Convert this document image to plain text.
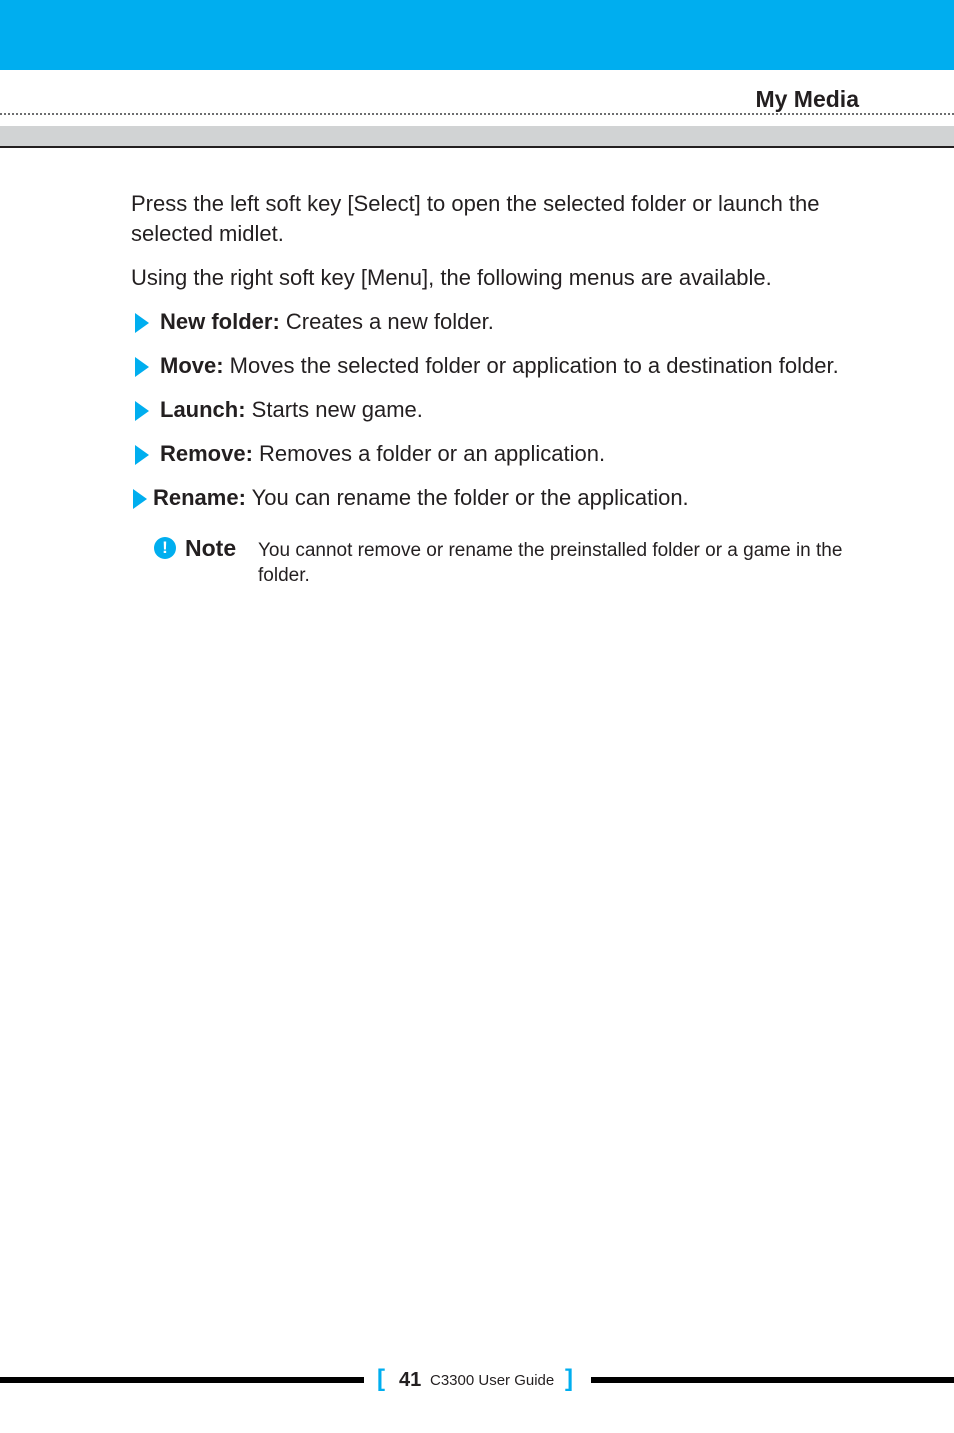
My Media

Press the left soft key [Select] to open the selected folder or launch the selected midlet.

Using the right soft key [Menu], the following menus are available.

New folder: Creates a new folder.
Move: Moves the selected folder or application to a destination folder.
Launch: Starts new game.
Remove: Removes a folder or an application.
Rename: You can rename the folder or the application.
! Note You cannot remove or rename the preinstalled folder or a game in the folder.
[ 41 C3300 User Guide ]
